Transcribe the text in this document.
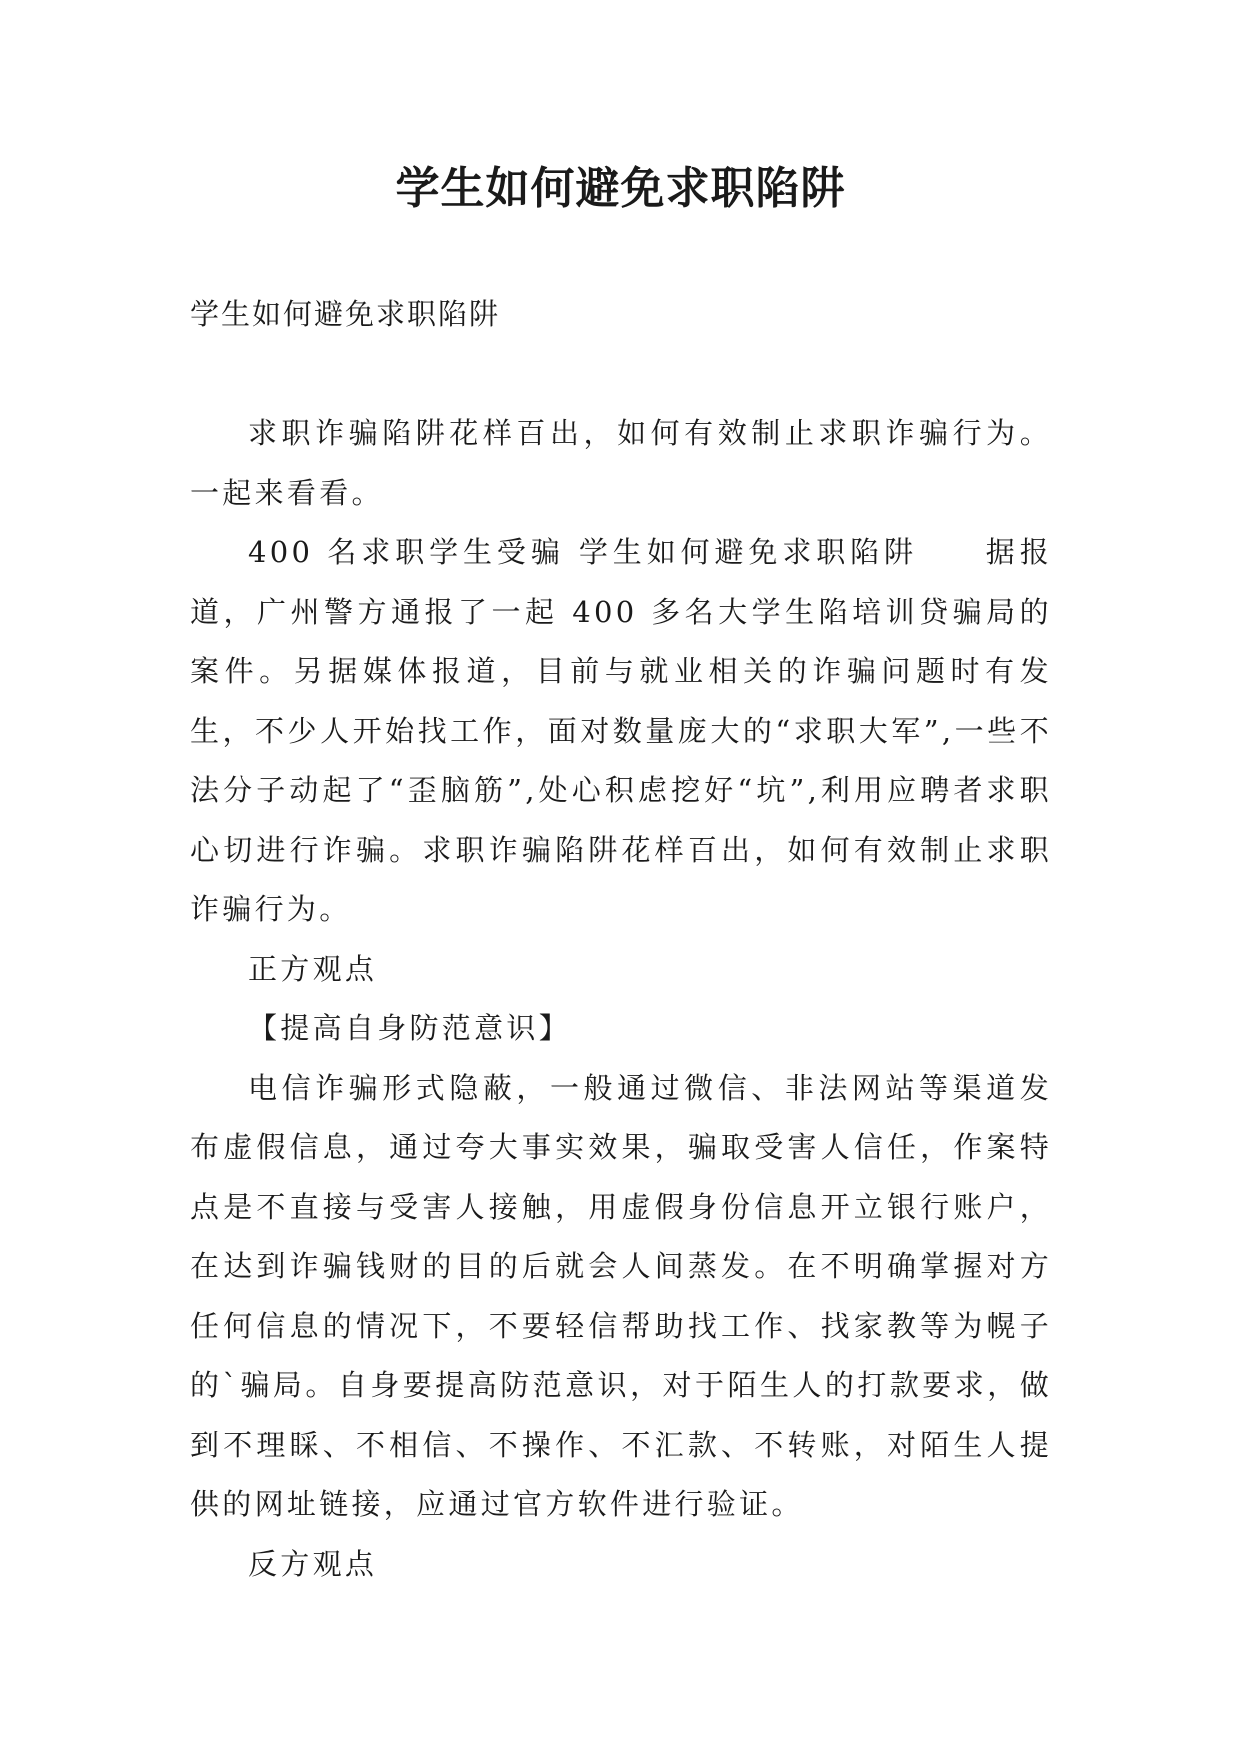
学生如何避免求职陷阱

学生如何避免求职陷阱

求职诈骗陷阱花样百出，如何有效制止求职诈骗行为。一起来看看。

400 名求职学生受骗 学生如何避免求职陷阱　　据报道，广州警方通报了一起 400 多名大学生陷培训贷骗局的案件。另据媒体报道，目前与就业相关的诈骗问题时有发生，不少人开始找工作，面对数量庞大的“求职大军”,一些不法分子动起了“歪脑筋”,处心积虑挖好“坑”,利用应聘者求职心切进行诈骗。求职诈骗陷阱花样百出，如何有效制止求职诈骗行为。

正方观点

【提高自身防范意识】

电信诈骗形式隐蔽，一般通过微信、非法网站等渠道发布虚假信息，通过夸大事实效果，骗取受害人信任，作案特点是不直接与受害人接触，用虚假身份信息开立银行账户，在达到诈骗钱财的目的后就会人间蒸发。在不明确掌握对方任何信息的情况下，不要轻信帮助找工作、找家教等为幌子的`骗局。自身要提高防范意识，对于陌生人的打款要求，做到不理睬、不相信、不操作、不汇款、不转账，对陌生人提供的网址链接，应通过官方软件进行验证。

反方观点
